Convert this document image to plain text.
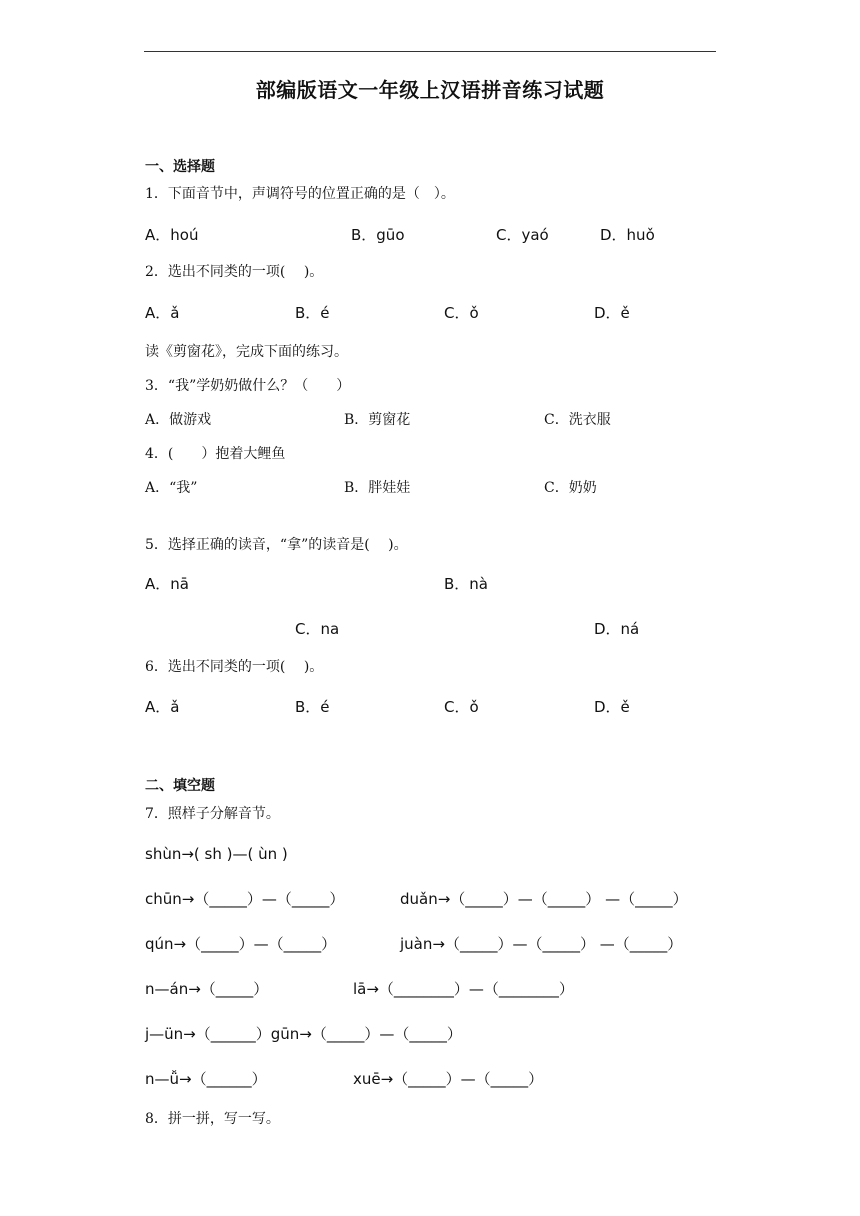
部编版语文一年级上汉语拼音练习试题
一、选择题
1．下面音节中，声调符号的位置正确的是（　）。
A．hoú	B．gūo	C．yaó	D．huǒ
2．选出不同类的一项(　 )。
A．ǎ	B．é	C．ǒ	D．ě
读《剪窗花》，完成下面的练习。
3．“我”学奶奶做什么？（　　）
A．做游戏	B．剪窗花	C．洗衣服
4．(　　）抱着大鲤鱼
A．“我”	B．胖娃娃	C．奶奶
5．选择正确的读音，“拿”的读音是(　 )。
A．nā	B．nà
C．na	D．ná
6．选出不同类的一项(　 )。
A．ǎ	B．é	C．ǒ	D．ě
二、填空题
7．照样子分解音节。
shùn→( sh )—( ùn )
chūn→（_____）—（_____）	duǎn→（_____）—（_____） —（_____）
qún→（_____）—（_____）	juàn→（_____）—（_____） —（_____）
n—án→（_____）	lā→（________）—（________）
j—ün→（______）gūn→（_____）—（_____）
n—ǚ→（______）	xuē→（_____）—（_____）
8．拼一拼，写一写。
